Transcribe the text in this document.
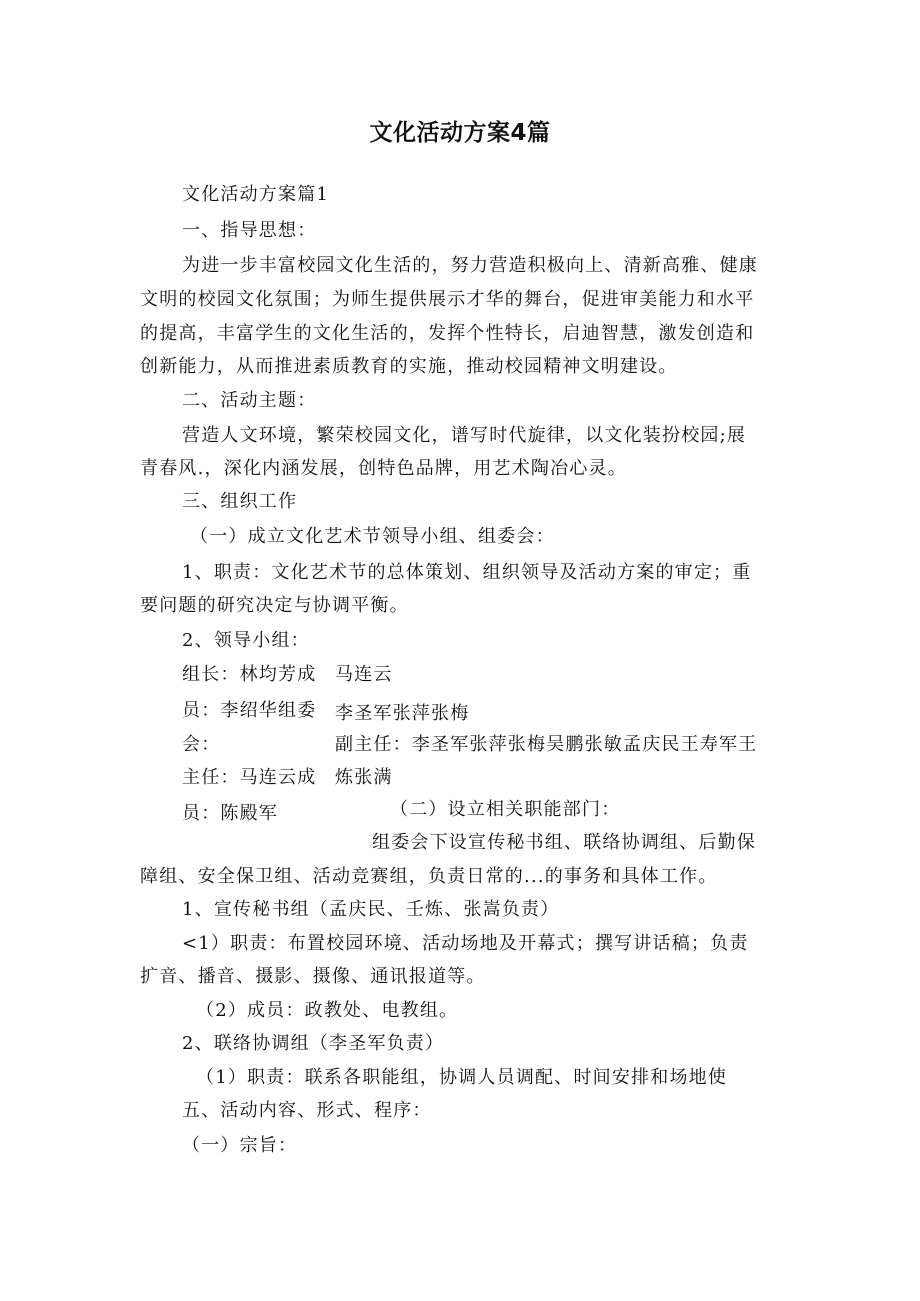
文化活动方案4篇
文化活动方案篇1
一、指导思想：
为进一步丰富校园文化生活的，努力营造积极向上、清新高雅、健康
文明的校园文化氛围；为师生提供展示才华的舞台，促进审美能力和水平
的提高，丰富学生的文化生活的，发挥个性特长，启迪智慧，激发创造和
创新能力，从而推进素质教育的实施，推动校园精神文明建设。
二、活动主题：
营造人文环境，繁荣校园文化，谱写时代旋律，以文化装扮校园;展
青春风.，深化内涵发展，创特色品牌，用艺术陶冶心灵。
三、组织工作
（一）成立文化艺术节领导小组、组委会：
1、职责：文化艺术节的总体策划、组织领导及活动方案的审定；重
要问题的研究决定与协调平衡。
2、领导小组：
组长：林均芳成 马连云
员：李绍华组委 李圣军张萍张梅
会：	副主任：李圣军张萍张梅吴鹏张敏孟庆民王寿军王
主任：马连云成 炼张满
员：陈殿军	（二）设立相关职能部门：
组委会下设宣传秘书组、联络协调组、后勤保
障组、安全保卫组、活动竞赛组，负责日常的...的事务和具体工作。
1、宣传秘书组（孟庆民、壬炼、张嵩负责）
<1）职责：布置校园环境、活动场地及开幕式；撰写讲话稿；负责
扩音、播音、摄影、摄像、通讯报道等。
（2）成员：政教处、电教组。
2、联络协调组（李圣军负责）
（1）职责：联系各职能组，协调人员调配、时间安排和场地使
五、活动内容、形式、程序：
（一）宗旨：
